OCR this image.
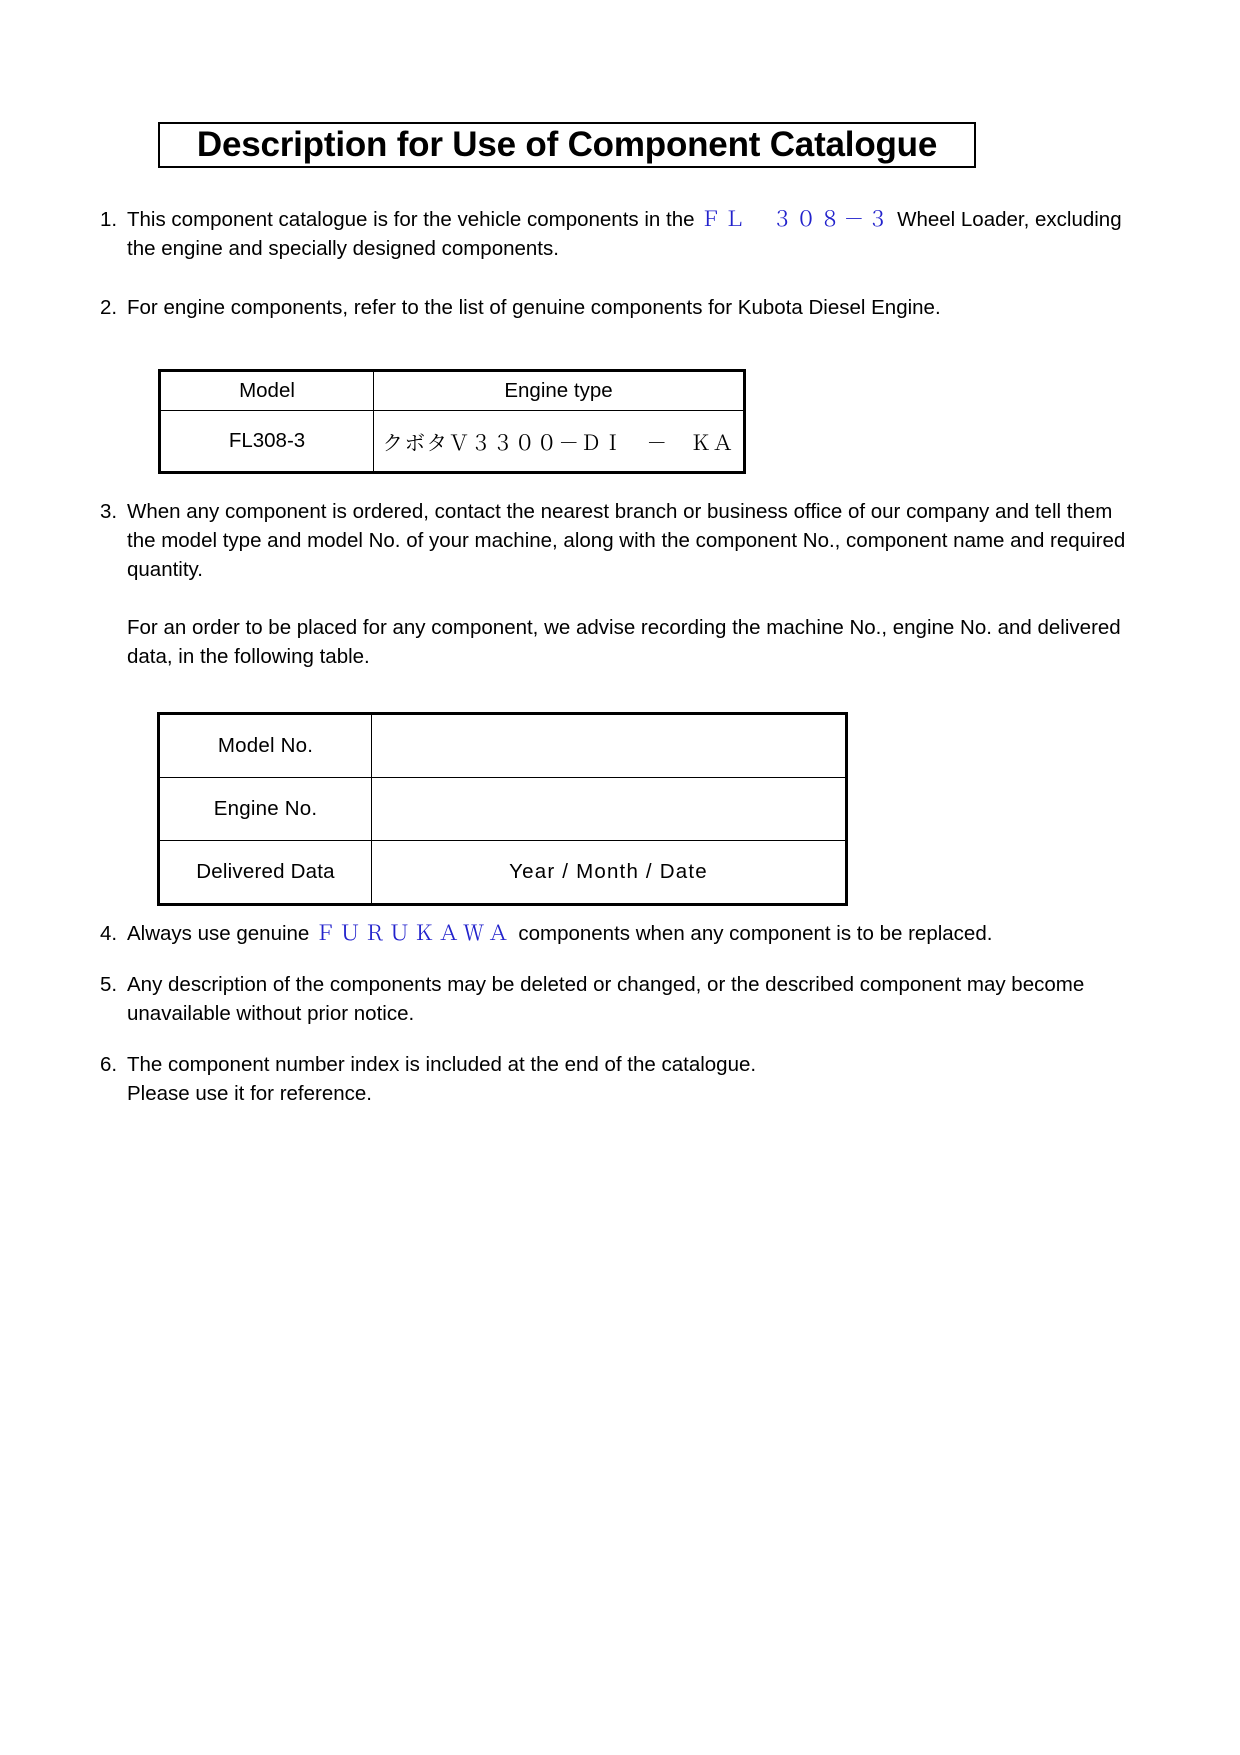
Description for Use of Component Catalogue
1. This component catalogue is for the vehicle components in the ＦＬ　３０８－３ Wheel Loader, excluding
the engine and specially designed components.
2. For engine components, refer to the list of genuine components for Kubota Diesel Engine.
3. When any component is ordered, contact the nearest branch or business office of our company and tell them the model type and model No. of your machine, along with the component No., component name and required quantity.
For an order to be placed for any component, we advise recording the machine No., engine No. and delivered data, in the following table.
4. Always use genuine ＦＵＲＵＫＡＷＡ components when any component is to be replaced.
5. Any description of the components may be deleted or changed, or the described component may become unavailable without prior notice.
6. The component number index is included at the end of the catalogue.
Please use it for reference.
Model	Engine type
FL308-3	クボタＶ３３００－ＤＩ　－　ＫＡ
Model No.	
Engine No.	
Delivered Data	Year / Month / Date
